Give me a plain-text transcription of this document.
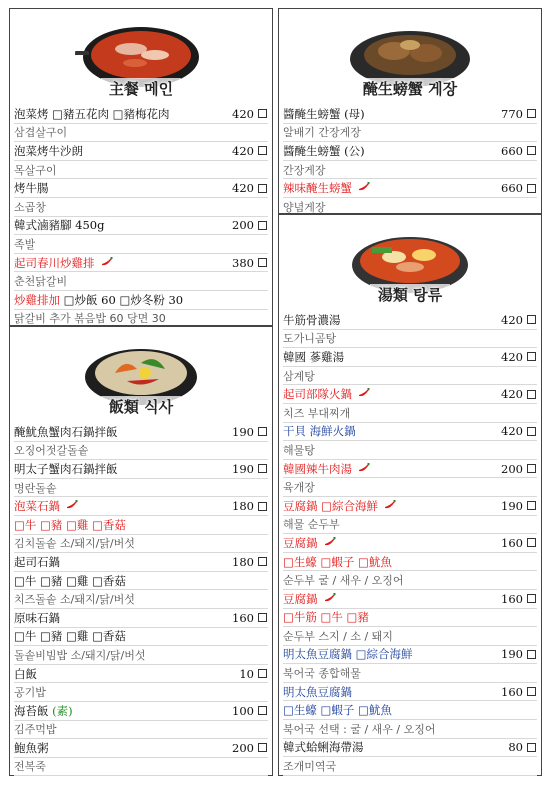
主餐 메인
泡菜烤 □豬五花肉 □豬梅花肉	420
삼겹살구이
泡菜烤牛沙朗	420
목살구이
烤牛腸	420
소곱창
韓式滷豬腳 450g	200
족발
起司春川炒雞排	380
춘천닭갈비
炒雞排加 □炒飯 60 □炒冬粉 30
닭갈비 추가 볶음밥 60 당면 30
醃生螃蟹 게장
醬醃生螃蟹 (母)	770
알배기 간장게장
醬醃生螃蟹 (公)	660
간장게장
辣味醃生螃蟹	660
양념게장
飯類 식사
醃魷魚蟹肉石鍋拌飯	190
오징어젓갈돌솥
明太子蟹肉石鍋拌飯	190
명란돌솥
泡菜石鍋	180
□牛 □豬 □雞 □香菇
김치돌솥 소/돼지/닭/버섯
起司石鍋	180
□牛 □豬 □雞 □香菇
치즈돌솥 소/돼지/닭/버섯
原味石鍋	160
□牛 □豬 □雞 □香菇
돌솥비빔밥 소/돼지/닭/버섯
白飯	10
공기밥
海苔飯 (素)	100
김주먹밥
鮑魚粥	200
전복죽
湯類 탕류
牛筋骨濃湯	420
도가니곰탕
韓國 蔘雞湯	420
삼계탕
起司部隊火鍋	420
치즈 부대찌개
干貝 海鮮火鍋	420
해물탕
韓國辣牛肉湯	200
육개장
豆腐鍋 □綜合海鮮	190
해물 순두부
豆腐鍋	160
□生蠔 □蝦子 □魷魚
순두부 굴 / 새우 / 오징어
豆腐鍋	160
□牛筋 □牛 □豬
순두부 스지 / 소 / 돼지
明太魚豆腐鍋 □綜合海鮮	190
북어국 종합해물
明太魚豆腐鍋	160
□生蠔 □蝦子 □魷魚
북어국 선택 : 굴 / 새우 / 오징어
韓式蛤蜊海帶湯	80
조개미역국
